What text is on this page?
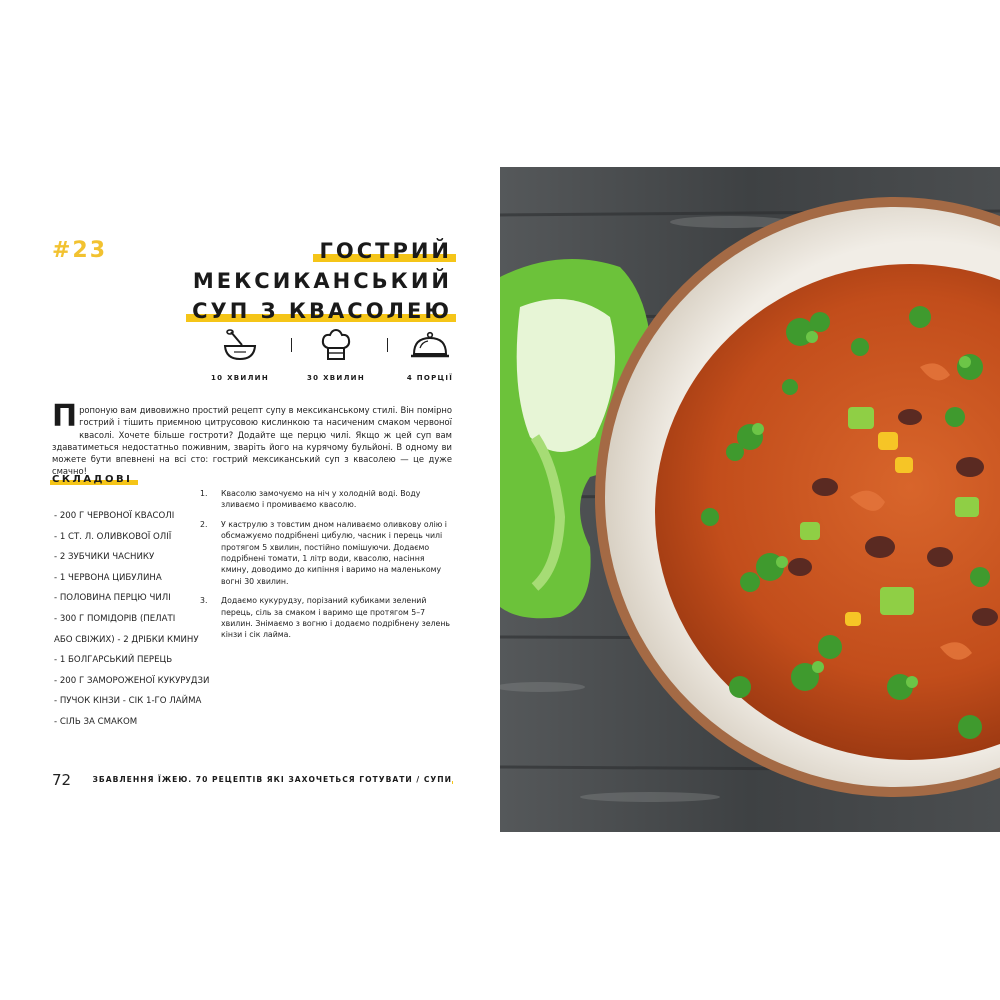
#23	ГОСТРИЙ
МЕКСИКАНСЬКИЙ
СУП З КВАСОЛЕЮ
10 ХВИЛИН	30 ХВИЛИН	4 ПОРЦІЇ
Пропоную вам дивовижно простий рецепт супу в мексиканському стилі. Він помірно гострий і тішить приємною цитрусовою кислинкою та насиченим смаком червоної квасолі. Хочете більше гостроти? Додайте ще перцю чилі. Якщо ж цей суп вам здаватиметься недостатньо поживним, зваріть його на курячому бульйоні. В одному ви можете бути впевнені на всі сто: гострий мексиканський суп з квасолею — це дуже смачно!
СКЛАДОВІ
- 200 Г ЧЕРВОНОЇ КВАСОЛІ
- 1 СТ. Л. ОЛИВКОВОЇ ОЛІЇ
- 2 ЗУБЧИКИ ЧАСНИКУ
- 1 ЧЕРВОНА ЦИБУЛИНА
- ПОЛОВИНА ПЕРЦЮ ЧИЛІ
- 300 Г ПОМІДОРІВ (ПЕЛАТІ
АБО СВІЖИХ) - 2 ДРІБКИ КМИНУ
- 1 БОЛГАРСЬКИЙ ПЕРЕЦЬ
- 200 Г ЗАМОРОЖЕНОЇ КУКУРУДЗИ
- ПУЧОК КІНЗИ - СІК 1-ГО ЛАЙМА
- СІЛЬ ЗА СМАКОМ
1. Квасолю замочуємо на ніч у холодній воді. Воду зливаємо і промиваємо квасолю.
2. У каструлю з товстим дном наливаємо оливкову олію і обсмажуємо подрібнені цибулю, часник і перець чилі протягом 5 хвилин, постійно помішуючи. Додаємо подрібнені томати, 1 літр води, квасолю, насіння кмину, доводимо до кипіння і варимо на маленькому вогні 30 хвилин.
3. Додаємо кукурудзу, порізаний кубиками зелений перець, сіль за смаком і варимо ще протягом 5–7 хвилин. Знімаємо з вогню і додаємо подрібнену зелень кінзи і сік лайма.
72	ЗБАВЛЕННЯ ЇЖЕЮ. 70 РЕЦЕПТІВ ЯКІ ЗАХОЧЕТЬСЯ ГОТУВАТИ / СУПИ
